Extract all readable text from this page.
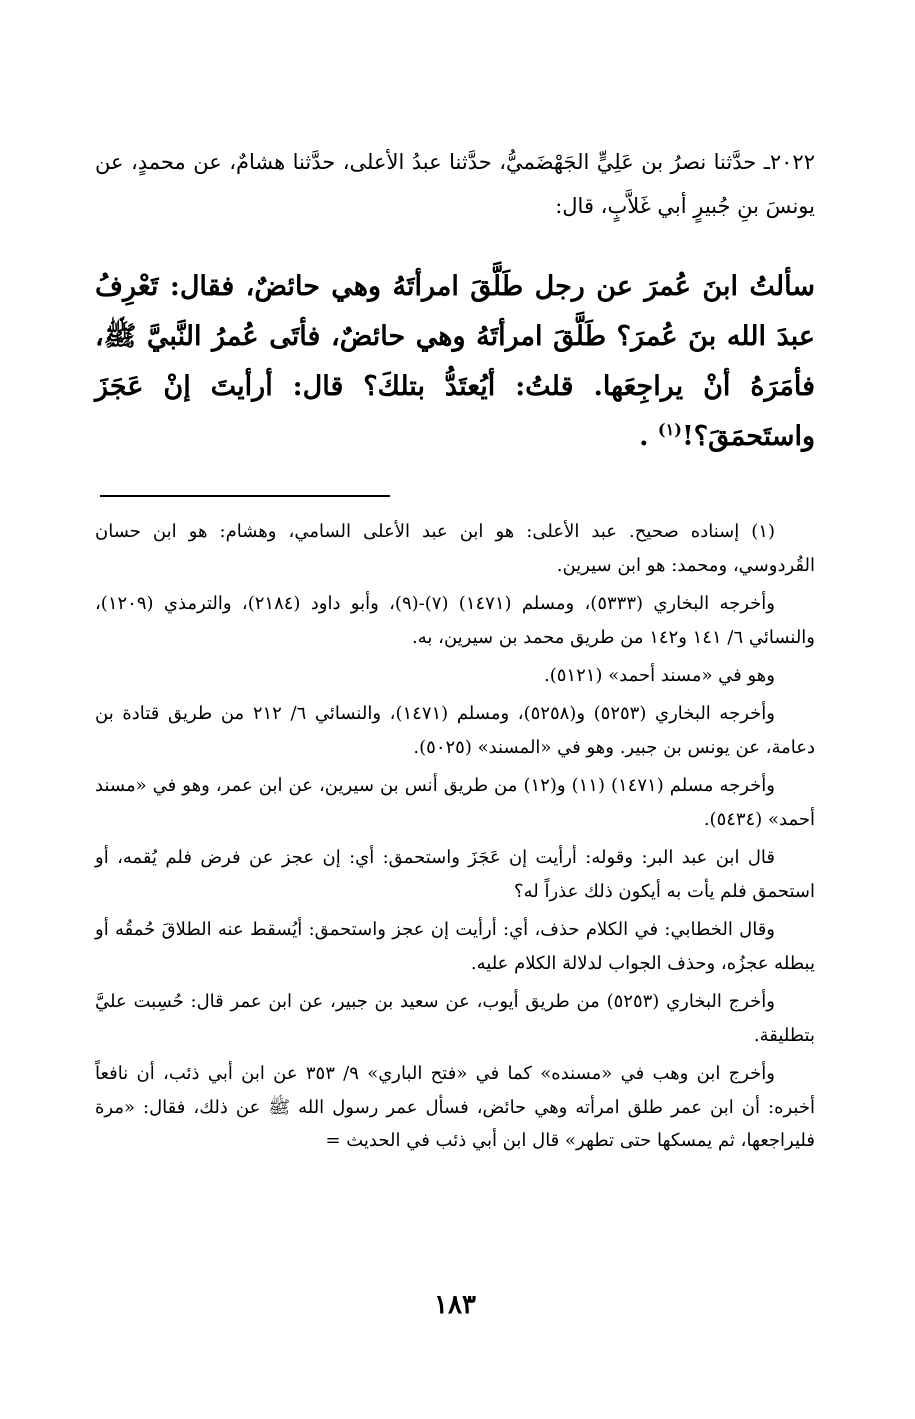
٢٠٢٢ـ حدَّثنا نصرُ بن عَلِيٍّ الجَهْضَميُّ، حدَّثنا عبدُ الأعلى، حدَّثنا هشامٌ، عن محمدٍ، عن يونسَ بنِ جُبيرٍ أبي غَلاَّبٍ، قال:

سألتُ ابنَ عُمرَ عن رجل طَلَّقَ امرأتَهُ وهي حائضٌ، فقال: تَعْرِفُ عبدَ الله بنَ عُمرَ؟ طَلَّقَ امرأتَهُ وهي حائضٌ، فأتَى عُمرُ النَّبيَّ ﷺ، فأمَرَهُ أنْ يراجِعَها. قلتُ: أيُعتَدُّ بتلكَ؟ قال: أرأيتَ إنْ عَجَزَ واستَحمَقَ؟!$^{(١)}$ .

(١) إسناده صحيح. عبد الأعلى: هو ابن عبد الأعلى السامي، وهشام: هو ابن حسان القُردوسي، ومحمد: هو ابن سيرين.

وأخرجه البخاري (٥٣٣٣)، ومسلم (١٤٧١) (٧)-(٩)، وأبو داود (٢١٨٤)، والترمذي (١٢٠٩)، والنسائي ٦/ ١٤١ و١٤٢ من طريق محمد بن سيرين، به.

وهو في «مسند أحمد» (٥١٢١).

وأخرجه البخاري (٥٢٥٣) و(٥٢٥٨)، ومسلم (١٤٧١)، والنسائي ٦/ ٢١٢ من طريق قتادة بن دعامة، عن يونس بن جبير. وهو في «المسند» (٥٠٢٥).

وأخرجه مسلم (١٤٧١) (١١) و(١٢) من طريق أنس بن سيرين، عن ابن عمر، وهو في «مسند أحمد» (٥٤٣٤).

قال ابن عبد البر: وقوله: أرأيت إن عَجَزَ واستحمق: أي: إن عجز عن فرض فلم يُقمه، أو استحمق فلم يأت به أيكون ذلك عذراً له؟

وقال الخطابي: في الكلام حذف، أي: أرأيت إن عجز واستحمق: أيُسقط عنه الطلاقَ حُمقُه أو يبطله عجزُه، وحذف الجواب لدلالة الكلام عليه.

وأخرج البخاري (٥٢٥٣) من طريق أيوب، عن سعيد بن جبير، عن ابن عمر قال: حُسِبت عليَّ بتطليقة.

وأخرج ابن وهب في «مسنده» كما في «فتح الباري» ٩/ ٣٥٣ عن ابن أبي ذئب، أن نافعاً أخبره: أن ابن عمر طلق امرأته وهي حائض، فسأل عمر رسول الله ﷺ عن ذلك، فقال: «مرة فليراجعها، ثم يمسكها حتى تطهر» قال ابن أبي ذئب في الحديث =

١٨٣
